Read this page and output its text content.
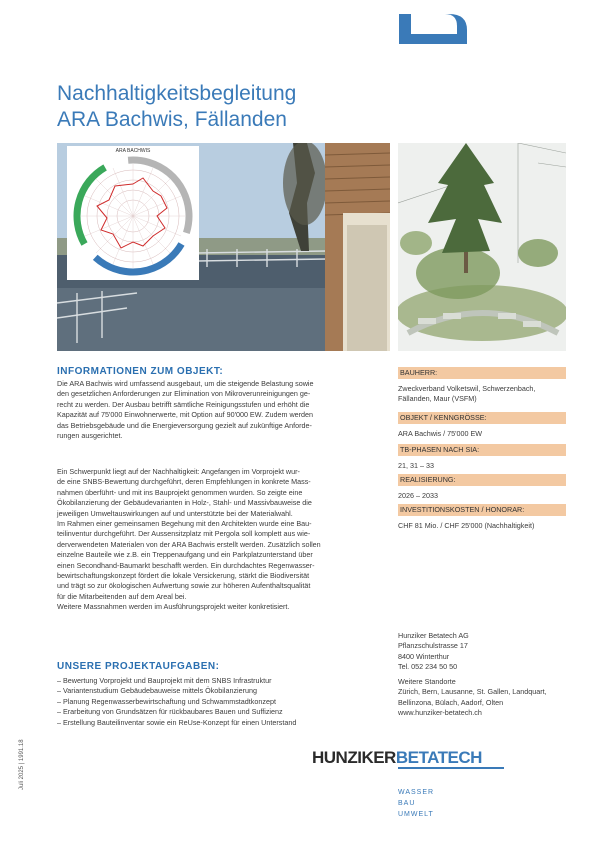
Nachhaltigkeitsbegleitung
ARA Bachwis, Fällanden
ARA BACHWIS
INFORMATIONEN ZUM OBJEKT:

Die ARA Bachwis wird umfassend ausgebaut, um die steigende Belastung sowie

den gesetzlichen Anforderungen zur Elimination von Mikroverunreinigungen ge-

recht zu werden. Der Ausbau betrifft sämtliche Reinigungsstufen und erhöht die

Kapazität auf 75'000 Einwohnerwerte, mit Option auf 90'000 EW. Zudem werden

das Betriebsgebäude und die Energieversorgung gezielt auf zukünftige Anforde-

rungen ausgerichtet.

Ein Schwerpunkt liegt auf der Nachhaltigkeit: Angefangen im Vorprojekt wur-

de eine SNBS-Bewertung durchgeführt, deren Empfehlungen in konkrete Mass-

nahmen überführt- und mit ins Bauprojekt genommen wurden. So zeigte eine

Ökobilanzierung der Gebäudevarianten in Holz-, Stahl- und Massivbauweise die

jeweiligen Umweltauswirkungen auf und unterstützte bei der Materialwahl.

Im Rahmen einer gemeinsamen Begehung mit den Architekten wurde eine Bau-

teilinventur durchgeführt. Der Aussensitzplatz mit Pergola soll komplett aus wie-

derverwendeten Materialen von der ARA Bachwis erstellt werden. Zusätzlich sollen

einzelne Bauteile wie z.B. ein Treppenaufgang und ein Parkplatzunterstand über

einen Secondhand-Baumarkt beschafft werden. Ein durchdachtes Regenwasser-

bewirtschaftungskonzept fördert die lokale Versickerung, stärkt die Biodiversität

und trägt so zur ökologischen Aufwertung sowie zur höheren Aufenthaltsqualität

für die Mitarbeitenden auf dem Areal bei.

Weitere Massnahmen werden im Ausführungsprojekt weiter konkretisiert.

UNSERE PROJEKTAUFGABEN:
– Bewertung Vorprojekt und Bauprojekt mit dem SNBS Infrastruktur
– Variantenstudium Gebäudebauweise mittels Ökobilanzierung
– Planung Regenwasserbewirtschaftung und Schwammstadtkonzept
– Erarbeitung von Grundsätzen für rückbaubares Bauen und Suffizienz
– Erstellung Bauteilinventar sowie ein ReUse-Konzept für einen Unterstand
BAUHERR:
Zweckverband Volketswil, Schwerzenbach,
Fällanden, Maur (VSFM)
OBJEKT / KENNGRÖSSE:
ARA Bachwis / 75'000 EW
TB-PHASEN NACH SIA:
21, 31 – 33
REALISIERUNG:
2026 – 2033
INVESTITIONSKOSTEN / HONORAR:
CHF 81 Mio. / CHF 25'000 (Nachhaltigkeit)
Hunziker Betatech AG
Pflanzschulstrasse 17
8400 Winterthur
Tel. 052 234 50 50
Weitere Standorte
Zürich, Bern, Lausanne, St. Gallen, Landquart,
Bellinzona, Bülach, Aadorf, Olten
www.hunziker-betatech.ch
HUNZIKERBETATECH
WASSER
BAU
UMWELT
Juli 2025 | 1991.18
